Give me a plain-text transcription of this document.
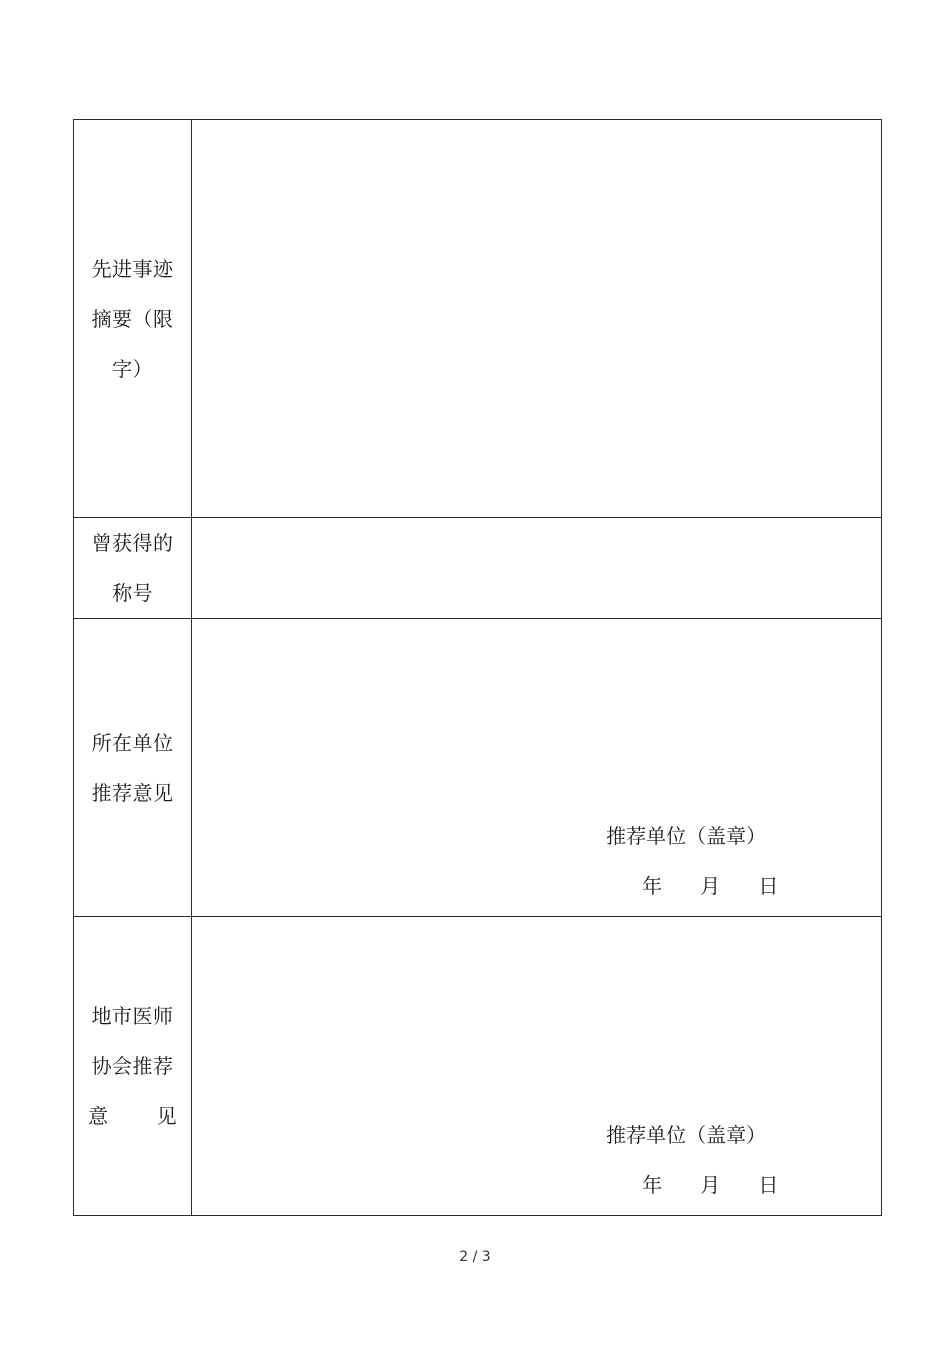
先进事迹
摘要（限
字）	

曾获得的
称号	

所在单位
推荐意见	推荐单位（盖章）
年      月      日

地市医师
协会推荐
意       见	推荐单位（盖章）
年      月      日
2 / 3
